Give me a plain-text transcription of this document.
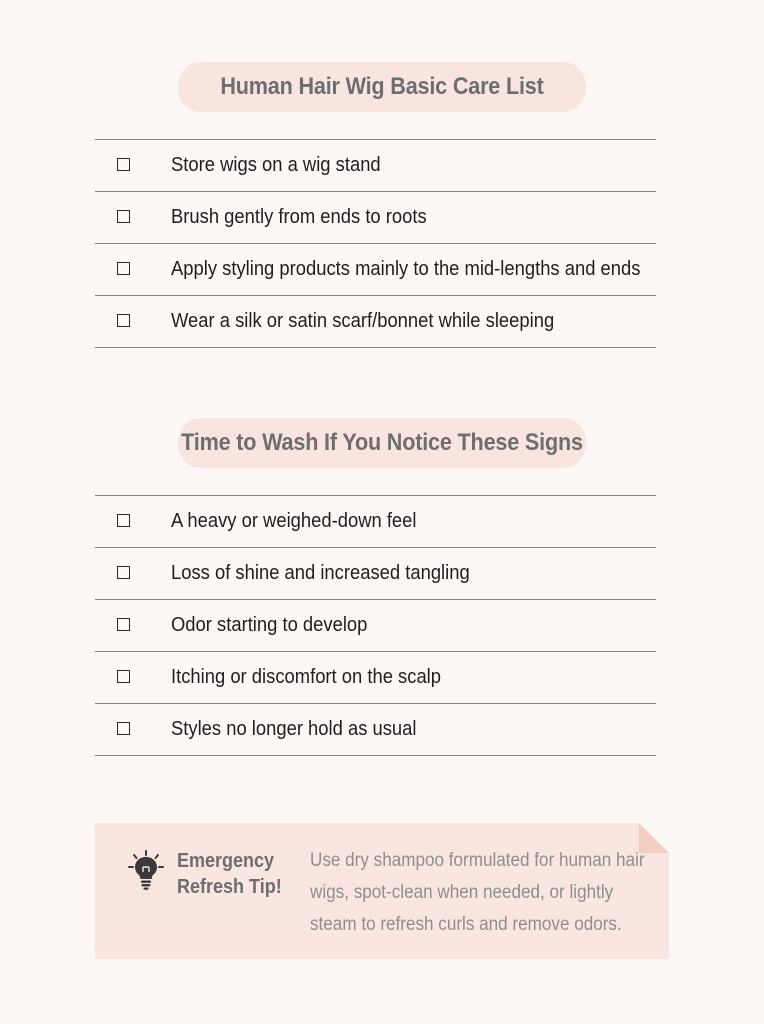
Human Hair Wig Basic Care List
Store wigs on a wig stand
Brush gently from ends to roots
Apply styling products mainly to the mid-lengths and ends
Wear a silk or satin scarf/bonnet while sleeping
Time to Wash If You Notice These Signs
A heavy or weighed-down feel
Loss of shine and increased tangling
Odor starting to develop
Itching or discomfort on the scalp
Styles no longer hold as usual
Emergency
Refresh Tip!
Use dry shampoo formulated for human hair wigs, spot-clean when needed, or lightly steam to refresh curls and remove odors.
